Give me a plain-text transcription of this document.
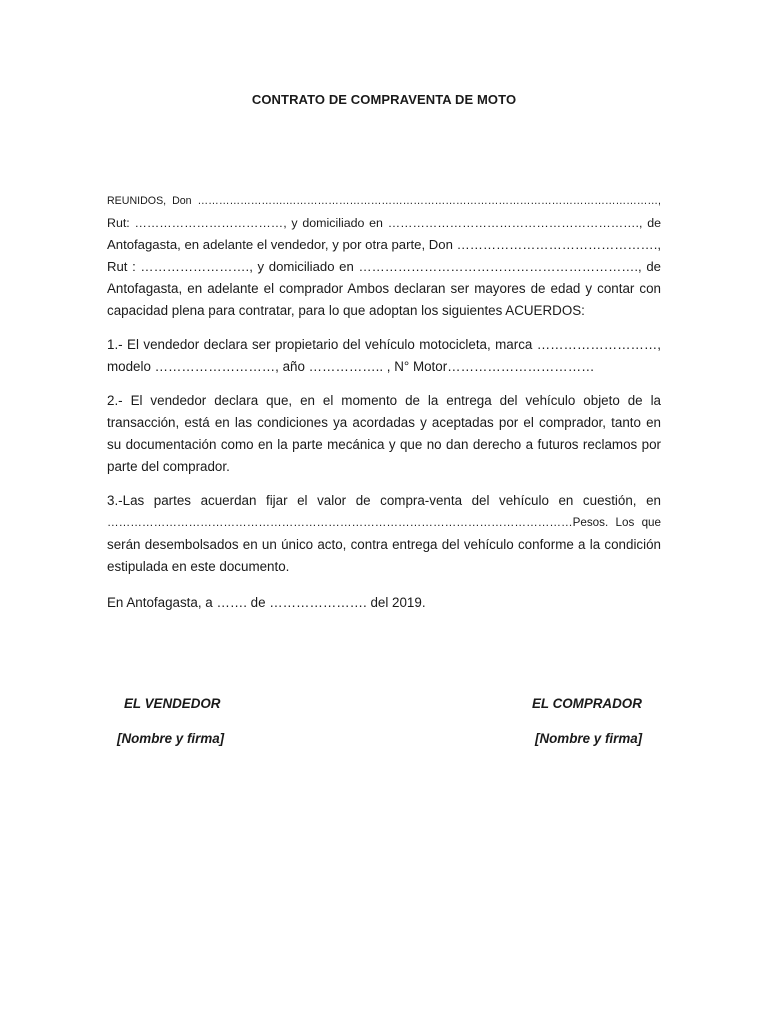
CONTRATO DE COMPRAVENTA DE MOTO
REUNIDOS, Don …………………….……………………………………………………………………………………………,
Rut: ………………………………, y domiciliado en ……………………………………………………., de
Antofagasta, en adelante el vendedor, y por otra parte, Don ……………………………………….,
Rut : ……………………., y domiciliado en ………………………………………………………., de
Antofagasta, en adelante el comprador Ambos declaran ser mayores de edad y contar con
capacidad plena para contratar, para lo que adoptan los siguientes ACUERDOS:
1.- El vendedor declara ser propietario del vehículo motocicleta, marca ………………………,
modelo ………………………, año …………….. , N° Motor……………………………
2.- El vendedor declara que, en el momento de la entrega del vehículo objeto de la
transacción, está en las condiciones ya acordadas y aceptadas por el comprador, tanto en
su documentación como en la parte mecánica y que no dan derecho a futuros reclamos por
parte del comprador.
3.-Las partes acuerdan fijar el valor de compra-venta del vehículo en cuestión, en
…………………………………………………………………………………………………………Pesos. Los que
serán desembolsados en un único acto, contra entrega del vehículo conforme a la condición
estipulada en este documento.
En Antofagasta, a ……. de …………………. del 2019.
EL VENDEDOR
[Nombre y firma]
EL COMPRADOR
[Nombre y firma]
